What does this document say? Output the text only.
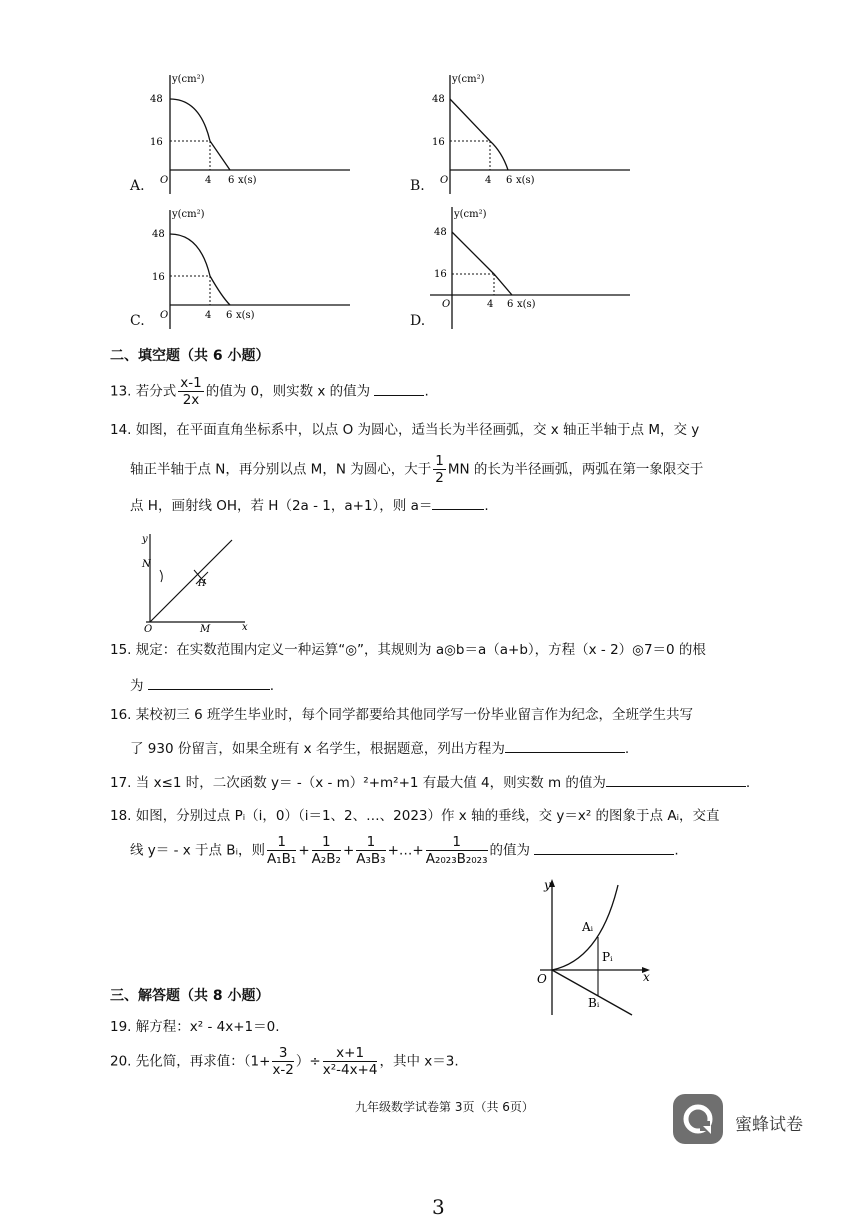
y(cm²)
48
16
O	4 6 x(s)
A.
y(cm²)
48
16
O	4 6 x(s)
B.
y(cm²)
48
16
O	4 6 x(s)
C.
y(cm²)
48
16
O	4 6 x(s)
D.
二、填空题（共 6 小题）
13. 若分式 $\frac{x-1}{2x}$ 的值为 0，则实数 x 的值为	.
14. 如图，在平面直角坐标系中，以点 O 为圆心，适当长为半径画弧，交 x 轴正半轴于点 M，交 y
轴正半轴于点 N，再分别以点 M，N 为圆心，大于 $\frac{1}{2}$ MN 的长为半径画弧，两弧在第一象限交于
点 H，画射线 OH，若 H（2a - 1，a+1），则 a＝	.
y
x
N
H
O	M
15. 规定：在实数范围内定义一种运算“◎”，其规则为 a◎b＝a（a+b），方程（x - 2）◎7＝0 的根
为	.
16. 某校初三 6 班学生毕业时，每个同学都要给其他同学写一份毕业留言作为纪念，全班学生共写
了 930 份留言，如果全班有 x 名学生，根据题意，列出方程为	.
17. 当 x≤1 时，二次函数 y＝ -（x - m）²+m²+1 有最大值 4，则实数 m 的值为	.
18. 如图，分别过点 Pᵢ（i，0）（i＝1、2、…、2023）作 x 轴的垂线，交 y＝x² 的图象于点 Aᵢ，交直
线 y＝ - x 于点 Bᵢ，则 $\frac{1}{\text{A₁B₁}} + \frac{1}{\text{A₂B₂}} + \frac{1}{\text{A₃B₃}}$ +…+ $\frac{1}{\text{A₂₀₂₃B₂₀₂₃}}$ 的值为	.
y
x
O
Aᵢ
Pᵢ
Bᵢ
三、解答题（共 8 小题）
19. 解方程：x² - 4x+1＝0.
20. 先化简，再求值：（$1+ \frac{3}{x-2}$ ）÷ $\frac{x+1}{\text{x²-4x+4}}$ ，其中 x＝3.
九年级数学试卷第 3页（共 6页）
3
蜜蜂试卷
